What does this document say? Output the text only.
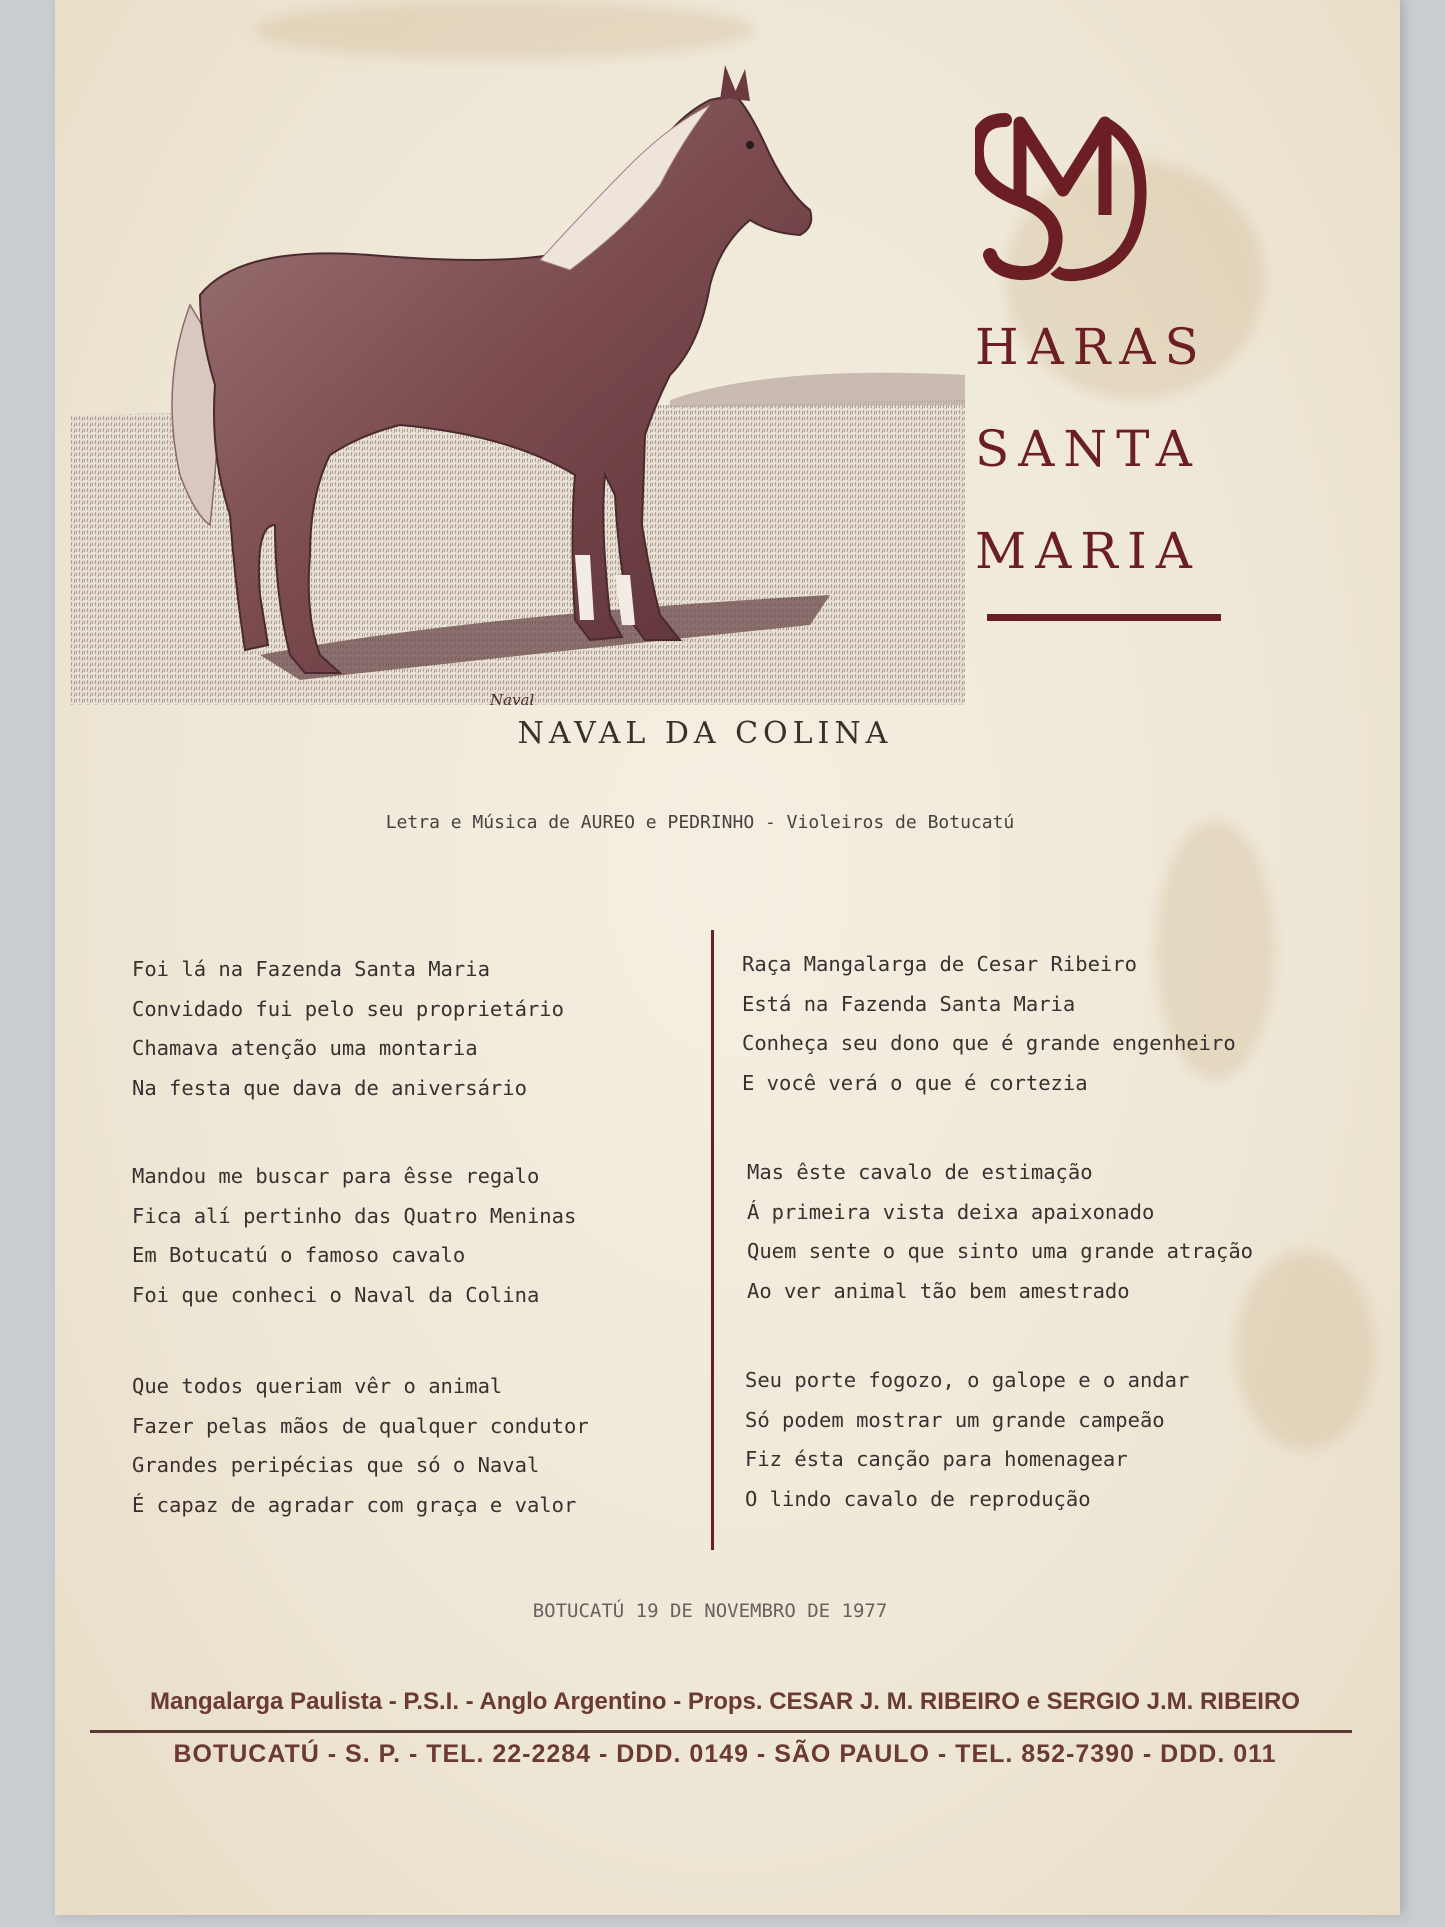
Naval
HARAS
SANTA
MARIA
NAVAL DA COLINA
Letra e Música de AUREO e PEDRINHO - Violeiros de Botucatú
Foi lá na Fazenda Santa Maria
Convidado fui pelo seu proprietário
Chamava atenção uma montaria
Na festa que dava de aniversário
Mandou me buscar para êsse regalo
Fica alí pertinho das Quatro Meninas
Em Botucatú o famoso cavalo
Foi que conheci o Naval da Colina
Que todos queriam vêr o animal
Fazer pelas mãos de qualquer condutor
Grandes peripécias que só o Naval
É capaz de agradar com graça e valor
Raça Mangalarga de Cesar Ribeiro
Está na Fazenda Santa Maria
Conheça seu dono que é grande engenheiro
E você verá o que é cortezia
Mas êste cavalo de estimação
Á primeira vista deixa apaixonado
Quem sente o que sinto uma grande atração
Ao ver animal tão bem amestrado
Seu porte fogozo, o galope e o andar
Só podem mostrar um grande campeão
Fiz ésta canção para homenagear
O lindo cavalo de reprodução
BOTUCATÚ 19 DE NOVEMBRO DE 1977
Mangalarga Paulista - P.S.I. - Anglo Argentino - Props. CESAR J. M. RIBEIRO e SERGIO J.M. RIBEIRO
BOTUCATÚ - S. P. - TEL. 22-2284 - DDD. 0149 - SÃO PAULO - TEL. 852-7390 - DDD. 011
